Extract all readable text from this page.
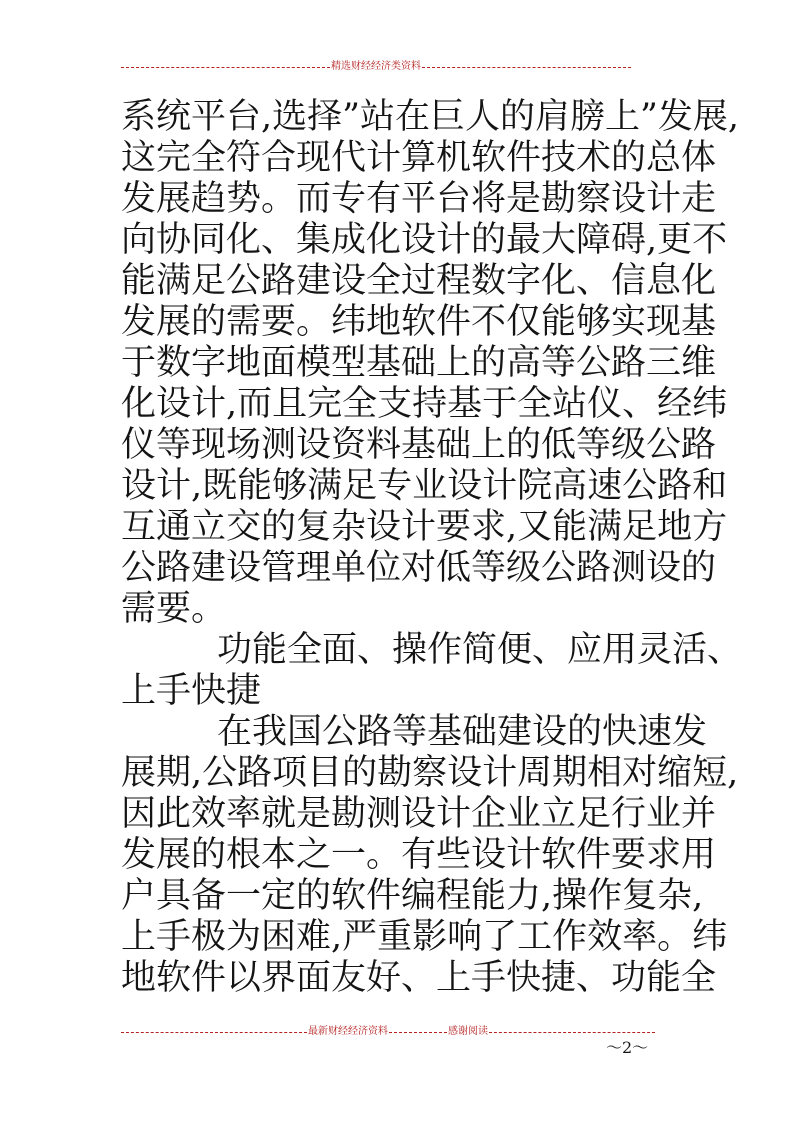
精选财经经济类资料
系统平台,选择”站在巨人的肩膀上”发展,
这完全符合现代计算机软件技术的总体
发展趋势。而专有平台将是勘察设计走
向协同化、集成化设计的最大障碍,更不
能满足公路建设全过程数字化、信息化
发展的需要。纬地软件不仅能够实现基
于数字地面模型基础上的高等公路三维
化设计,而且完全支持基于全站仪、经纬
仪等现场测设资料基础上的低等级公路
设计,既能够满足专业设计院高速公路和
互通立交的复杂设计要求,又能满足地方
公路建设管理单位对低等级公路测设的
需要。
功能全面、操作简便、应用灵活、
上手快捷
在我国公路等基础建设的快速发
展期,公路项目的勘察设计周期相对缩短,
因此效率就是勘测设计企业立足行业并
发展的根本之一。有些设计软件要求用
户具备一定的软件编程能力,操作复杂,
上手极为困难,严重影响了工作效率。纬
地软件以界面友好、上手快捷、功能全
最新财经经济资料	感谢阅读
～2～
